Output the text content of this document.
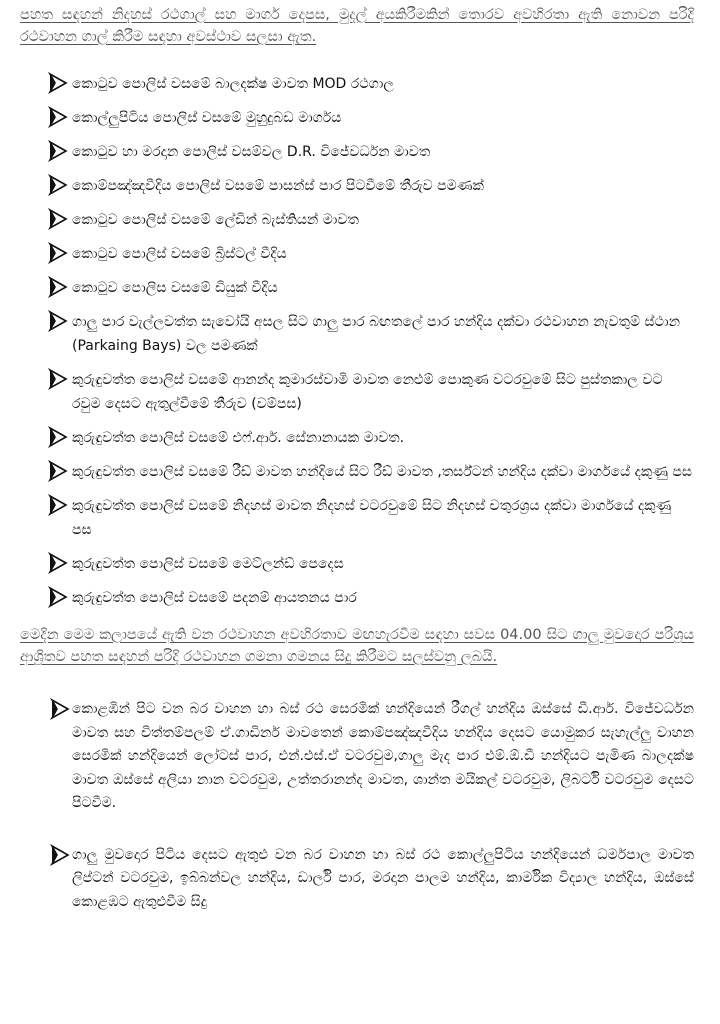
පහත සඳහන් නිදහස් රථගාල් සහ මාර්ග දෙපස, මුදල් අයකිරීමකින් තොරව අවහිරතා ඇති නොවන පරිදි රථවාහන ගාල් කිරීම සඳහා අවස්ථාව සලසා ඇත.

කොටුව පොලිස් වසමේ බාලදක්ෂ මාවත MOD රථගාල
කොල්ලුපිටිය පොලිස් වසමේ මුහුදුබඩ මාර්ගය
කොටුව හා මරදාන පොලිස් වසම්වල D.R. විජේවර්ධන මාවත
කොම්පඤ්ඤවීදිය පොලිස් වසමේ පාසන්ස් පාර පිටවීමේ තීරුව පමණක්
කොටුව පොලිස් වසමේ ලේඩින් බැස්තියන් මාවත
කොටුව පොලිස් වසමේ බ්‍රිස්ටල් වීදිය
කොටුව පොලිස වසමේ ඩියුක් වීදිය
ගාලු පාර වැල්ලවත්ත සැවෝයි අසල සිට ගාලු පාර බඟතලේ පාර හන්දිය දක්වා රථවාහන නැවතුම් ස්ථාන (Parkaing Bays) වල පමණක්
කුරුඳුවත්ත පොලිස් වසමේ ආනන්ද කුමාරස්වාමි මාවත නෙළුම් පොකුණ වටරවුමේ සිට පුස්තකාල වට රවුම දෙසට ඇතුල්වීමේ තීරුව (වම්පස)
කුරුඳුවත්ත පොලිස් වසමේ එෆ්.ආර්. සේනානායක මාවත.
කුරුඳුවත්ත පොලිස් වසමේ රීඩ් මාවත හන්දියේ සිට රීඩ් මාවත ,තර්ස්ටන් හන්දිය දක්වා මාර්ගයේ දකුණු පස
කුරුඳුවත්ත පොලිස් වසමේ නිදහස් මාවත නිදහස් වටරවුමේ සිට නිදහස් චතුරශ්‍රය දක්වා මාර්ගයේ දකුණු පස
කුරුඳුවත්ත පොලිස් වසමේ මෙට්ලන්ඩ් පෙදෙස
කුරුඳුවත්ත පොලිස් වසමේ පදනම් ආයතනය පාර

මෙදින මෙම කලාපයේ ඇති වන රථවාහන අවහිරතාව මඟහැරවීම සඳහා සවස 04.00 සිට ගාලු මුවදොර පරිශ්‍රය ආශ්‍රිතව පහත සඳහන් පරිදි රථවාහන ගමනා ගමනය සිදු කිරීමට සලස්වනු ලබයි.

කොළඹින් පිට වන බර වාහන හා බස් රථ සෙරමික් හන්දියෙන් රීගල් හන්දිය ඔස්සේ ඩී.ආර්. විජේවර්ධන මාවත සහ චිත්තම්පලම් ඒ.ගාඩිනර් මාවතෙන් කොම්පඤ්ඤවීදිය හන්දිය දෙසට යොමුකර සැහැල්ලු වාහන සෙරමික් හන්දියෙන් ලෝටස් පාර, එන්.එස්.ඒ වටරවුම,ගාලු මැද පාර එම්.ඕ.ඩී හන්දියට පැමිණ බාලදක්ෂ මාවත ඔස්සේ අලියා නාන වටරවුම, උත්තරානන්ද මාවත, ශාන්ත මයිකල් වටරවුම, ලිබර්ටි වටරවුම දෙසට පිටවීම.
ගාලු මුවදොර පිටිය දෙසට ඇතුළු වන බර වාහන හා බස් රථ කොල්ලුපිටිය හන්දියෙන් ධර්මපාල මාවත ලිප්ටන් වටරවුම, ඉබ්බන්වල හන්දිය, ඩාර්ලි පාර, මරදාන පාලම හන්දිය, කාර්මික විද්‍යාල හන්දිය, ඔස්සේ කොළඹට ඇතුළුවීම සිදු
